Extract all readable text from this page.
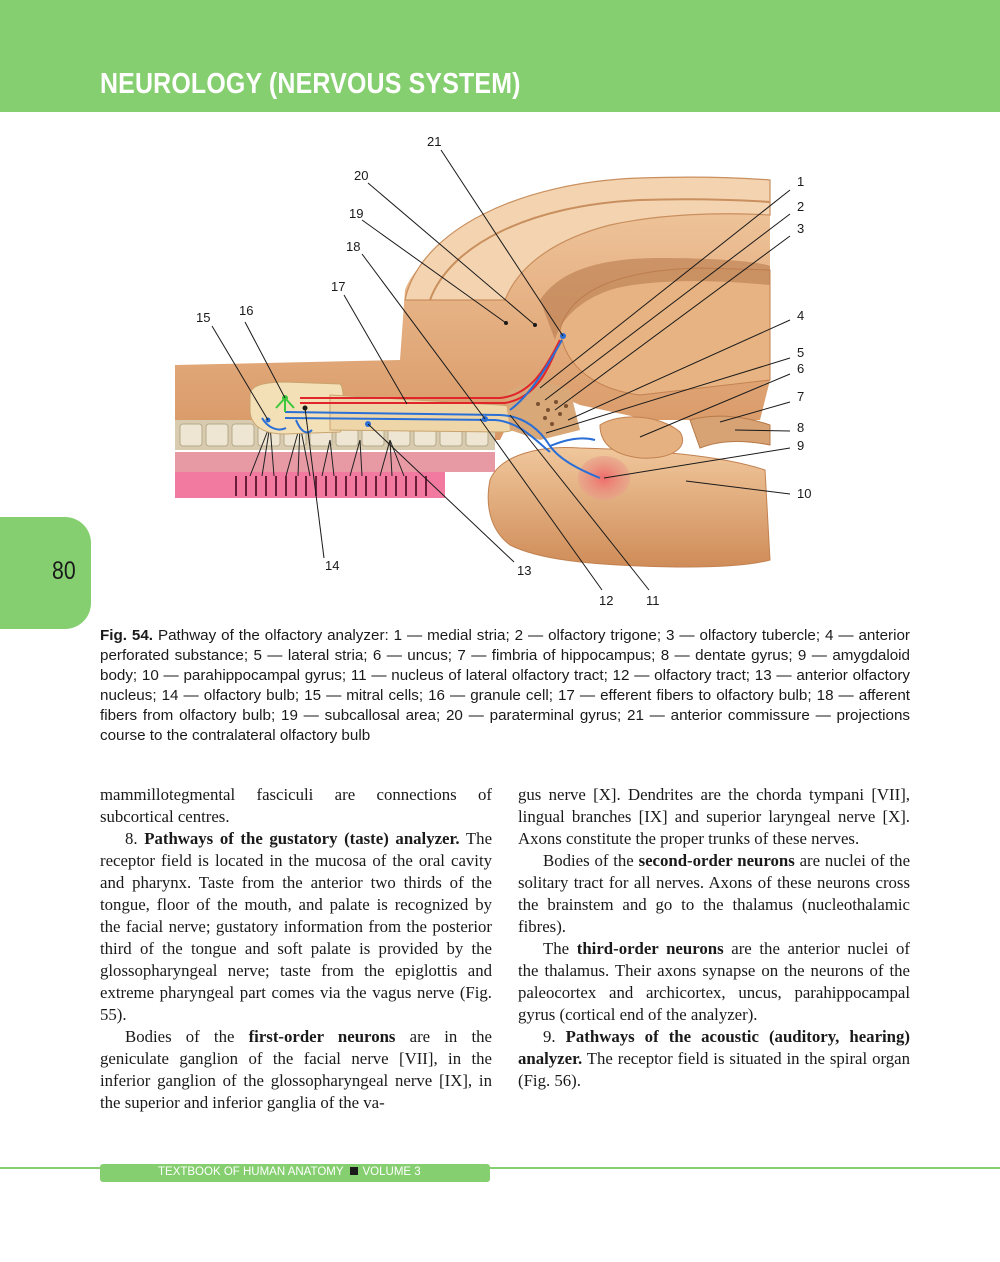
NEUROLOGY (NERVOUS SYSTEM)
80
21
20
19
18
17
15 16
1
2
3
4
5
6
7
8
9
10
11
12
13
14
Fig. 54. Pathway of the olfactory analyzer: 1 — medial stria; 2 — olfactory trigone; 3 — olfactory tubercle; 4 — anterior perforated substance; 5 — lateral stria; 6 — uncus; 7 — fimbria of hippocampus; 8 — dentate gyrus; 9 — amygdaloid body; 10 — parahippocampal gyrus; 11 — nucleus of lateral olfactory tract; 12 — olfactory tract; 13 — anterior olfactory nucleus; 14 — olfactory bulb; 15 — mitral cells; 16 — granule cell; 17 — efferent fibers to olfactory bulb; 18 — afferent fibers from olfactory bulb; 19 — subcallosal area; 20 — paraterminal gyrus; 21 — anterior commissure — projections course to the contralateral olfactory bulb

mammillotegmental fasciculi are connections of subcortical centres.

8. Pathways of the gustatory (taste) analyzer. The receptor field is located in the mucosa of the oral cavity and pharynx. Taste from the anterior two thirds of the tongue, floor of the mouth, and palate is recognized by the facial nerve; gustatory information from the posterior third of the tongue and soft palate is provided by the glossopharyngeal nerve; taste from the epiglottis and extreme pharyngeal part comes via the vagus nerve (Fig. 55).

Bodies of the first-order neurons are in the geniculate ganglion of the facial nerve [VII], in the inferior ganglion of the glossopharyngeal nerve [IX], in the superior and inferior ganglia of the va-

gus nerve [X]. Dendrites are the chorda tympani [VII], lingual branches [IX] and superior laryngeal nerve [X]. Axons constitute the proper trunks of these nerves.

Bodies of the second-order neurons are nuclei of the solitary tract for all nerves. Axons of these neurons cross the brainstem and go to the thalamus (nucleothalamic fibres).

The third-order neurons are the anterior nuclei of the thalamus. Their axons synapse on the neurons of the paleocortex and archicortex, uncus, parahippocampal gyrus (cortical end of the analyzer).

9. Pathways of the acoustic (auditory, hearing) analyzer. The receptor field is situated in the spiral organ (Fig. 56).

TEXTBOOK OF HUMAN ANATOMY VOLUME 3
